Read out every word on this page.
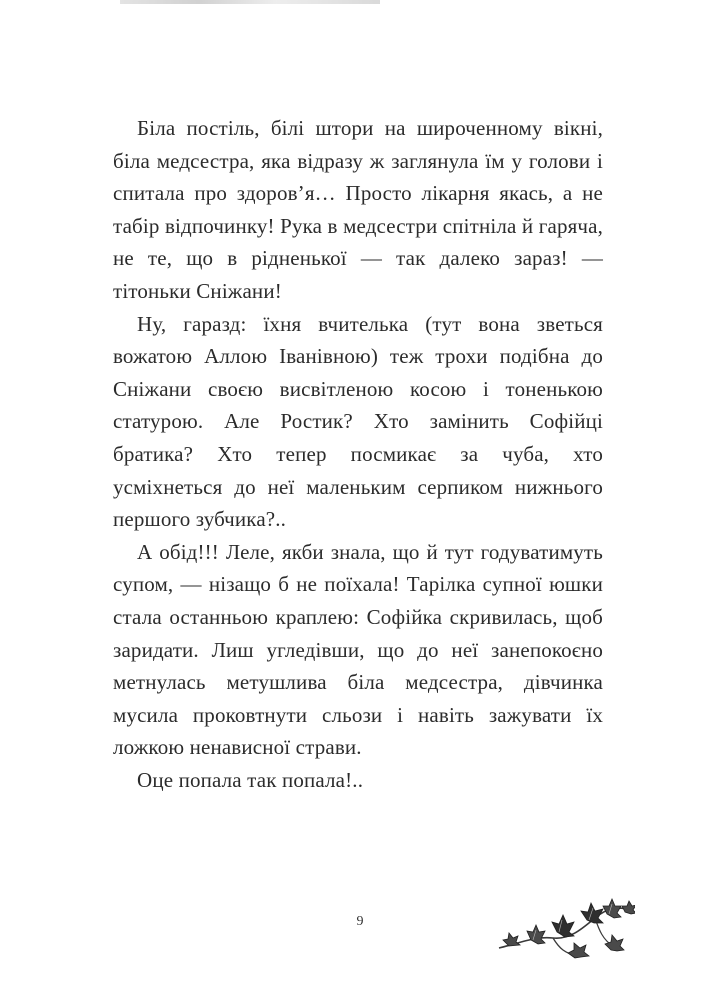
Біла постіль, білі штори на широченному вікні, біла медсестра, яка відразу ж заглянула їм у голови і спитала про здоров’я… Просто лікарня якась, а не табір відпочинку! Рука в медсестри спітніла й гаряча, не те, що в рідненької — так далеко зараз! — тітоньки Сніжани!

Ну, гаразд: їхня вчителька (тут вона зветься вожатою Аллою Іванівною) теж трохи подібна до Сніжани своєю висвітленою косою і тоненькою статурою. Але Ростик? Хто замінить Софійці братика? Хто тепер посмикає за чуба, хто усміхнеться до неї маленьким серпиком нижнього першого зубчика?..

А обід!!! Леле, якби знала, що й тут годуватимуть супом, — нізащо б не поїхала! Тарілка супної юшки стала останньою краплею: Софійка скривилась, щоб заридати. Лиш угледівши, що до неї занепокоєно метнулась метушлива біла медсестра, дівчинка мусила проковтнути сльози і навіть зажувати їх ложкою ненависної страви.

Оце попала так попала!..

9
